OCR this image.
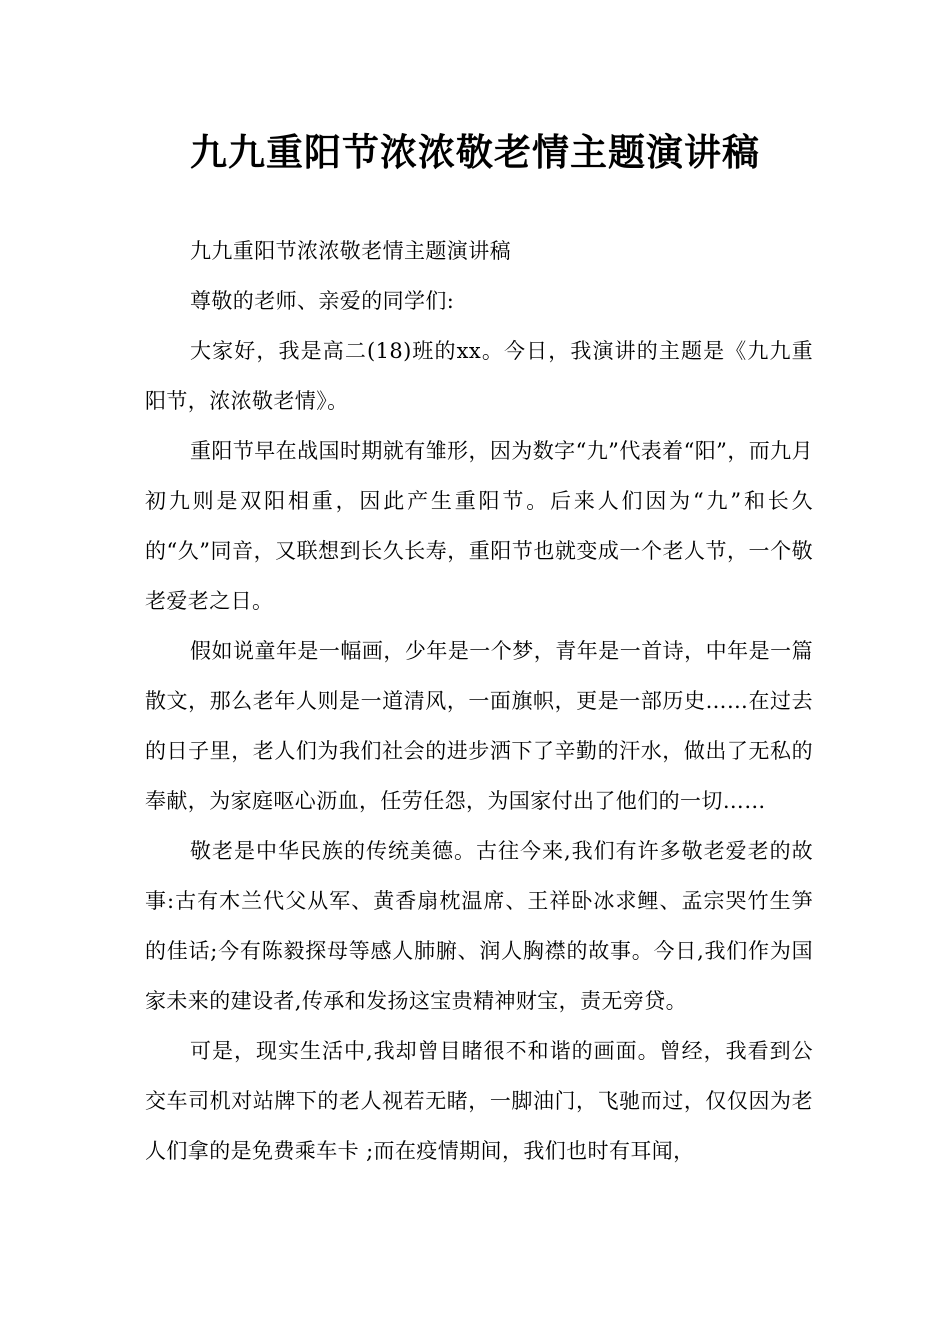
九九重阳节浓浓敬老情主题演讲稿

九九重阳节浓浓敬老情主题演讲稿

尊敬的老师、亲爱的同学们:

大家好，我是高二(18)班的xx。今日，我演讲的主题是《九九重阳节，浓浓敬老情》。

重阳节早在战国时期就有雏形，因为数字“九”代表着“阳”，而九月初九则是双阳相重，因此产生重阳节。后来人们因为“九”和长久的“久”同音，又联想到长久长寿，重阳节也就变成一个老人节，一个敬老爱老之日。

假如说童年是一幅画，少年是一个梦，青年是一首诗，中年是一篇散文，那么老年人则是一道清风，一面旗帜，更是一部历史……在过去的日子里，老人们为我们社会的进步洒下了辛勤的汗水，做出了无私的奉献，为家庭呕心沥血，任劳任怨，为国家付出了他们的一切……

敬老是中华民族的传统美德。古往今来,我们有许多敬老爱老的故事:古有木兰代父从军、黄香扇枕温席、王祥卧冰求鲤、孟宗哭竹生笋的佳话;今有陈毅探母等感人肺腑、润人胸襟的故事。今日,我们作为国家未来的建设者,传承和发扬这宝贵精神财宝，责无旁贷。

可是，现实生活中,我却曾目睹很不和谐的画面。曾经，我看到公交车司机对站牌下的老人视若无睹，一脚油门，飞驰而过，仅仅因为老人们拿的是免费乘车卡 ;而在疫情期间，我们也时有耳闻，
